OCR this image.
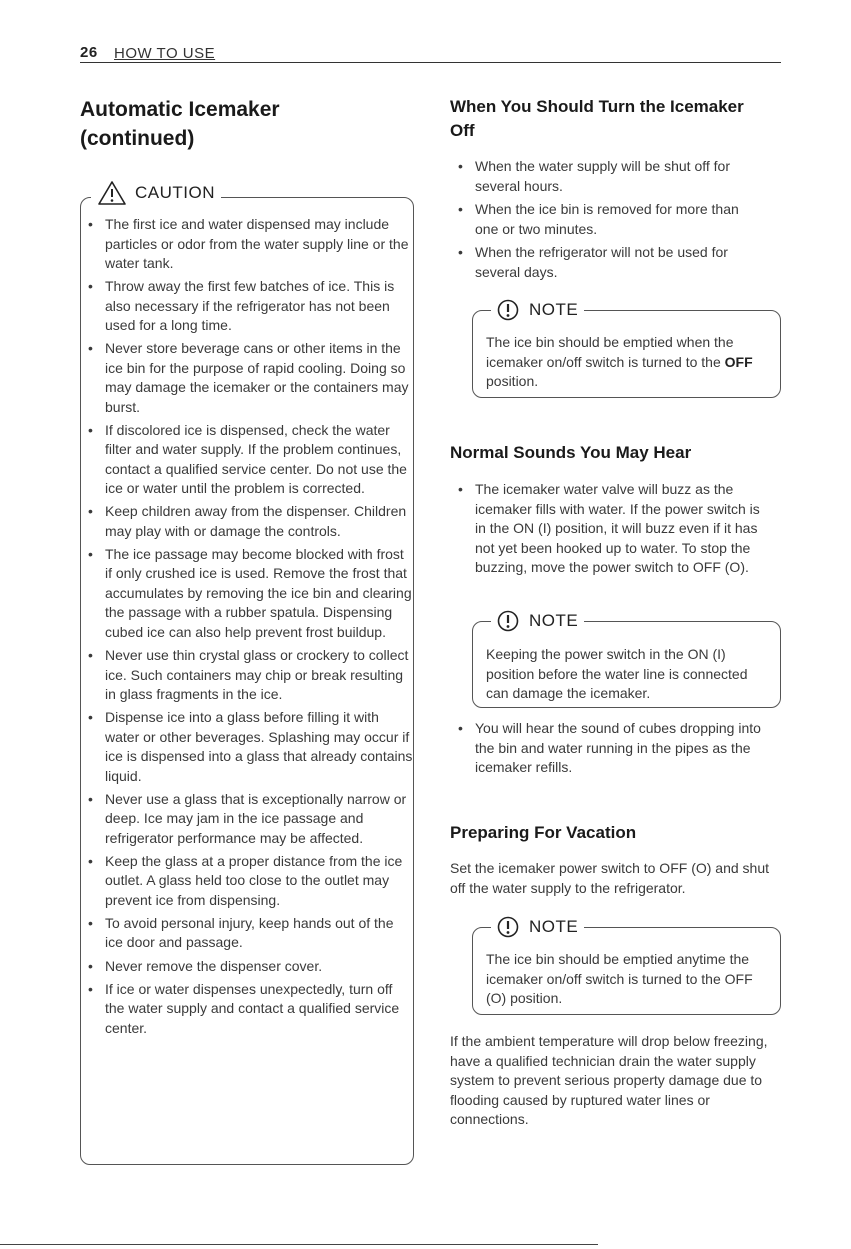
26 HOW TO USE
Automatic Icemaker
(continued)
CAUTION
• The first ice and water dispensed may include particles or odor from the water supply line or the water tank.
• Throw away the first few batches of ice. This is also necessary if the refrigerator has not been used for a long time.
• Never store beverage cans or other items in the ice bin for the purpose of rapid cooling. Doing so may damage the icemaker or the containers may burst.
• If discolored ice is dispensed, check the water filter and water supply. If the problem continues, contact a qualified service center. Do not use the ice or water until the problem is corrected.
• Keep children away from the dispenser. Children may play with or damage the controls.
• The ice passage may become blocked with frost if only crushed ice is used. Remove the frost that accumulates by removing the ice bin and clearing the passage with a rubber spatula. Dispensing cubed ice can also help prevent frost buildup.
• Never use thin crystal glass or crockery to collect ice. Such containers may chip or break resulting in glass fragments in the ice.
• Dispense ice into a glass before filling it with water or other beverages. Splashing may occur if ice is dispensed into a glass that already contains liquid.
• Never use a glass that is exceptionally narrow or deep. Ice may jam in the ice passage and refrigerator performance may be affected.
• Keep the glass at a proper distance from the ice outlet. A glass held too close to the outlet may prevent ice from dispensing.
• To avoid personal injury, keep hands out of the ice door and passage.
• Never remove the dispenser cover.
• If ice or water dispenses unexpectedly, turn off the water supply and contact a qualified service center.
When You Should Turn the Icemaker
Off
• When the water supply will be shut off for several hours.
• When the ice bin is removed for more than one or two minutes.
• When the refrigerator will not be used for several days.
NOTE
The ice bin should be emptied when the icemaker on/off switch is turned to the OFF position.
Normal Sounds You May Hear
• The icemaker water valve will buzz as the icemaker fills with water. If the power switch is in the ON (I) position, it will buzz even if it has not yet been hooked up to water. To stop the buzzing, move the power switch to OFF (O).
NOTE
Keeping the power switch in the ON (I) position before the water line is connected can damage the icemaker.
• You will hear the sound of cubes dropping into the bin and water running in the pipes as the icemaker refills.
Preparing For Vacation
Set the icemaker power switch to OFF (O) and shut off the water supply to the refrigerator.
NOTE
The ice bin should be emptied anytime the icemaker on/off switch is turned to the OFF (O) position.
If the ambient temperature will drop below freezing, have a qualified technician drain the water supply system to prevent serious property damage due to flooding caused by ruptured water lines or connections.
